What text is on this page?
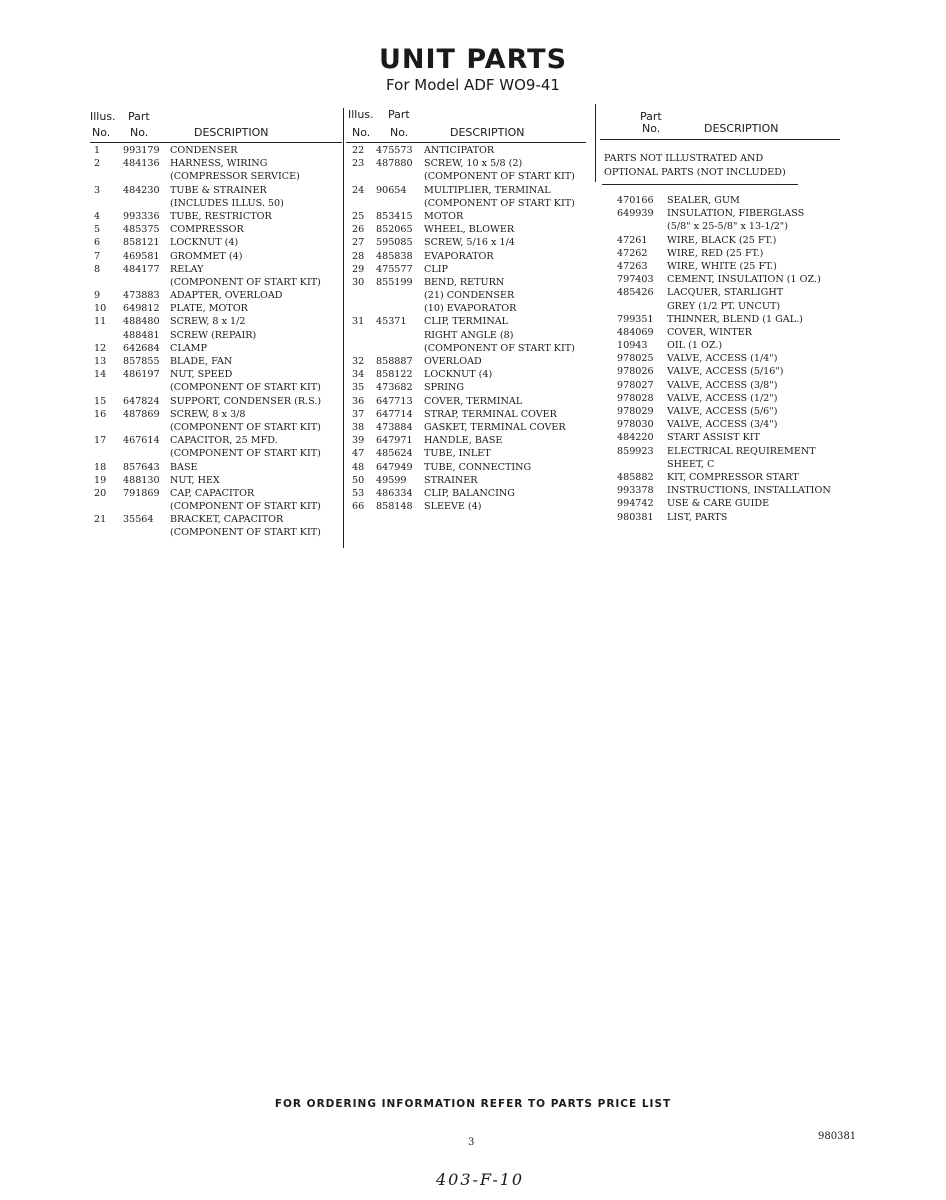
UNIT PARTS
For Model ADF WO9-41
Illus. Part
No. No.	DESCRIPTION
1	993179 CONDENSER
2	484136 HARNESS, WIRING
(COMPRESSOR SERVICE)
3	484230 TUBE & STRAINER
(INCLUDES ILLUS. 50)
4	993336 TUBE, RESTRICTOR
5	485375 COMPRESSOR
6	858121 LOCKNUT (4)
7	469581 GROMMET (4)
8	484177 RELAY
(COMPONENT OF START KIT)
9	473883 ADAPTER, OVERLOAD
10	649812 PLATE, MOTOR
11	488480 SCREW, 8 x 1/2
488481 SCREW (REPAIR)
12	642684 CLAMP
13	857855 BLADE, FAN
14	486197 NUT, SPEED
(COMPONENT OF START KIT)
15	647824 SUPPORT, CONDENSER (R.S.)
16	487869 SCREW, 8 x 3/8
(COMPONENT OF START KIT)
17	467614 CAPACITOR, 25 MFD.
(COMPONENT OF START KIT)
18	857643 BASE
19	488130 NUT, HEX
20	791869 CAP, CAPACITOR
(COMPONENT OF START KIT)
21	35564 BRACKET, CAPACITOR
(COMPONENT OF START KIT)
Illus. Part
No. No.	DESCRIPTION
22	475573 ANTICIPATOR
23	487880 SCREW, 10 x 5/8 (2)
(COMPONENT OF START KIT)
24	90654 MULTIPLIER, TERMINAL
(COMPONENT OF START KIT)
25	853415 MOTOR
26	852065 WHEEL, BLOWER
27	595085 SCREW, 5/16 x 1/4
28	485838 EVAPORATOR
29	475577 CLIP
30	855199 BEND, RETURN
(21) CONDENSER
(10) EVAPORATOR
31	45371 CLIP, TERMINAL
RIGHT ANGLE (8)
(COMPONENT OF START KIT)
32	858887 OVERLOAD
34	858122 LOCKNUT (4)
35	473682 SPRING
36	647713 COVER, TERMINAL
37	647714 STRAP, TERMINAL COVER
38	473884 GASKET, TERMINAL COVER
39	647971 HANDLE, BASE
47	485624 TUBE, INLET
48	647949 TUBE, CONNECTING
50	49599 STRAINER
53	486334 CLIP, BALANCING
66	858148 SLEEVE (4)
Part
No.	DESCRIPTION
PARTS NOT ILLUSTRATED AND
OPTIONAL PARTS (NOT INCLUDED)
470166 SEALER, GUM
649939 INSULATION, FIBERGLASS
(5/8" x 25-5/8" x 13-1/2")
47261 WIRE, BLACK (25 FT.)
47262 WIRE, RED (25 FT.)
47263 WIRE, WHITE (25 FT.)
797403 CEMENT, INSULATION (1 OZ.)
485426 LACQUER, STARLIGHT
GREY (1/2 PT. UNCUT)
799351 THINNER, BLEND (1 GAL.)
484069 COVER, WINTER
10943 OIL (1 OZ.)
978025 VALVE, ACCESS (1/4")
978026 VALVE, ACCESS (5/16")
978027 VALVE, ACCESS (3/8")
978028 VALVE, ACCESS (1/2")
978029 VALVE, ACCESS (5/6")
978030 VALVE, ACCESS (3/4")
484220 START ASSIST KIT
859923 ELECTRICAL REQUIREMENT
SHEET, C
485882 KIT, COMPRESSOR START
993378 INSTRUCTIONS, INSTALLATION
994742 USE & CARE GUIDE
980381 LIST, PARTS
FOR ORDERING INFORMATION REFER TO PARTS PRICE LIST
3
980381
403-F-10
